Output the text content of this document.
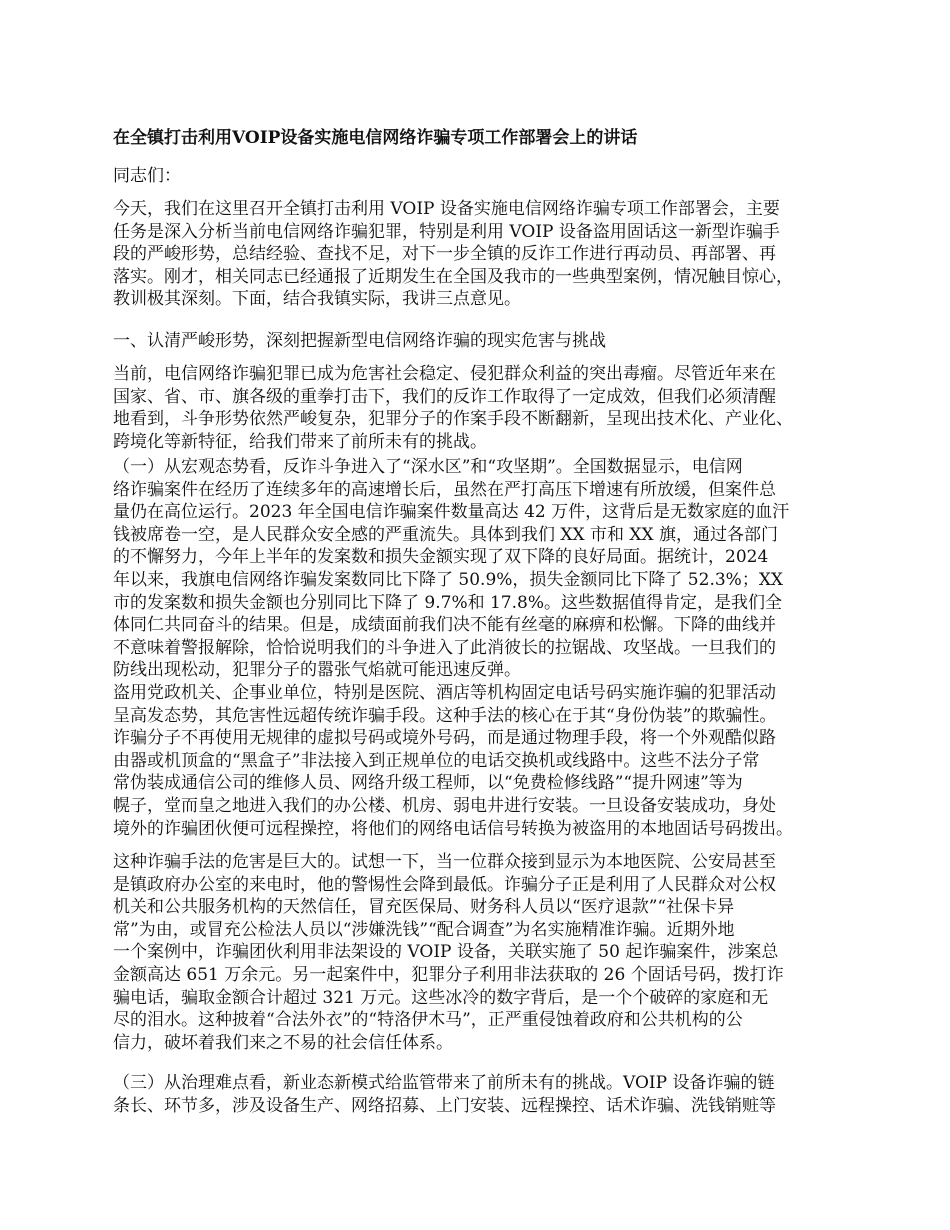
在全镇打击利用VOIP设备实施电信网络诈骗专项工作部署会上的讲话
同志们：
今天，我们在这里召开全镇打击利用 VOIP 设备实施电信网络诈骗专项工作部署会，主要
任务是深入分析当前电信网络诈骗犯罪，特别是利用 VOIP 设备盗用固话这一新型诈骗手
段的严峻形势，总结经验、查找不足，对下一步全镇的反诈工作进行再动员、再部署、再
落实。刚才，相关同志已经通报了近期发生在全国及我市的一些典型案例，情况触目惊心，
教训极其深刻。下面，结合我镇实际，我讲三点意见。
一、认清严峻形势，深刻把握新型电信网络诈骗的现实危害与挑战
当前，电信网络诈骗犯罪已成为危害社会稳定、侵犯群众利益的突出毒瘤。尽管近年来在
国家、省、市、旗各级的重拳打击下，我们的反诈工作取得了一定成效，但我们必须清醒
地看到，斗争形势依然严峻复杂，犯罪分子的作案手段不断翻新，呈现出技术化、产业化、
跨境化等新特征，给我们带来了前所未有的挑战。
（一）从宏观态势看，反诈斗争进入了“深水区”和“攻坚期”。全国数据显示，电信网
络诈骗案件在经历了连续多年的高速增长后，虽然在严打高压下增速有所放缓，但案件总
量仍在高位运行。2023 年全国电信诈骗案件数量高达 42 万件，这背后是无数家庭的血汗
钱被席卷一空，是人民群众安全感的严重流失。具体到我们 XX 市和 XX 旗，通过各部门
的不懈努力，今年上半年的发案数和损失金额实现了双下降的良好局面。据统计，2024
年以来，我旗电信网络诈骗发案数同比下降了 50.9%，损失金额同比下降了 52.3%；XX
市的发案数和损失金额也分别同比下降了 9.7%和 17.8%。这些数据值得肯定，是我们全
体同仁共同奋斗的结果。但是，成绩面前我们决不能有丝毫的麻痹和松懈。下降的曲线并
不意味着警报解除，恰恰说明我们的斗争进入了此消彼长的拉锯战、攻坚战。一旦我们的
防线出现松动，犯罪分子的嚣张气焰就可能迅速反弹。
盗用党政机关、企事业单位，特别是医院、酒店等机构固定电话号码实施诈骗的犯罪活动
呈高发态势，其危害性远超传统诈骗手段。这种手法的核心在于其“身份伪装”的欺骗性。
诈骗分子不再使用无规律的虚拟号码或境外号码，而是通过物理手段，将一个外观酷似路
由器或机顶盒的“黑盒子”非法接入到正规单位的电话交换机或线路中。这些不法分子常
常伪装成通信公司的维修人员、网络升级工程师，以“免费检修线路”“提升网速”等为
幌子，堂而皇之地进入我们的办公楼、机房、弱电井进行安装。一旦设备安装成功，身处
境外的诈骗团伙便可远程操控，将他们的网络电话信号转换为被盗用的本地固话号码拨出。
这种诈骗手法的危害是巨大的。试想一下，当一位群众接到显示为本地医院、公安局甚至
是镇政府办公室的来电时，他的警惕性会降到最低。诈骗分子正是利用了人民群众对公权
机关和公共服务机构的天然信任，冒充医保局、财务科人员以“医疗退款”“社保卡异
常”为由，或冒充公检法人员以“涉嫌洗钱”“配合调查”为名实施精准诈骗。近期外地
一个案例中，诈骗团伙利用非法架设的 VOIP 设备，关联实施了 50 起诈骗案件，涉案总
金额高达 651 万余元。另一起案件中，犯罪分子利用非法获取的 26 个固话号码，拨打诈
骗电话，骗取金额合计超过 321 万元。这些冰冷的数字背后，是一个个破碎的家庭和无
尽的泪水。这种披着“合法外衣”的“特洛伊木马”，正严重侵蚀着政府和公共机构的公
信力，破坏着我们来之不易的社会信任体系。
（三）从治理难点看，新业态新模式给监管带来了前所未有的挑战。VOIP 设备诈骗的链
条长、环节多，涉及设备生产、网络招募、上门安装、远程操控、话术诈骗、洗钱销赃等
